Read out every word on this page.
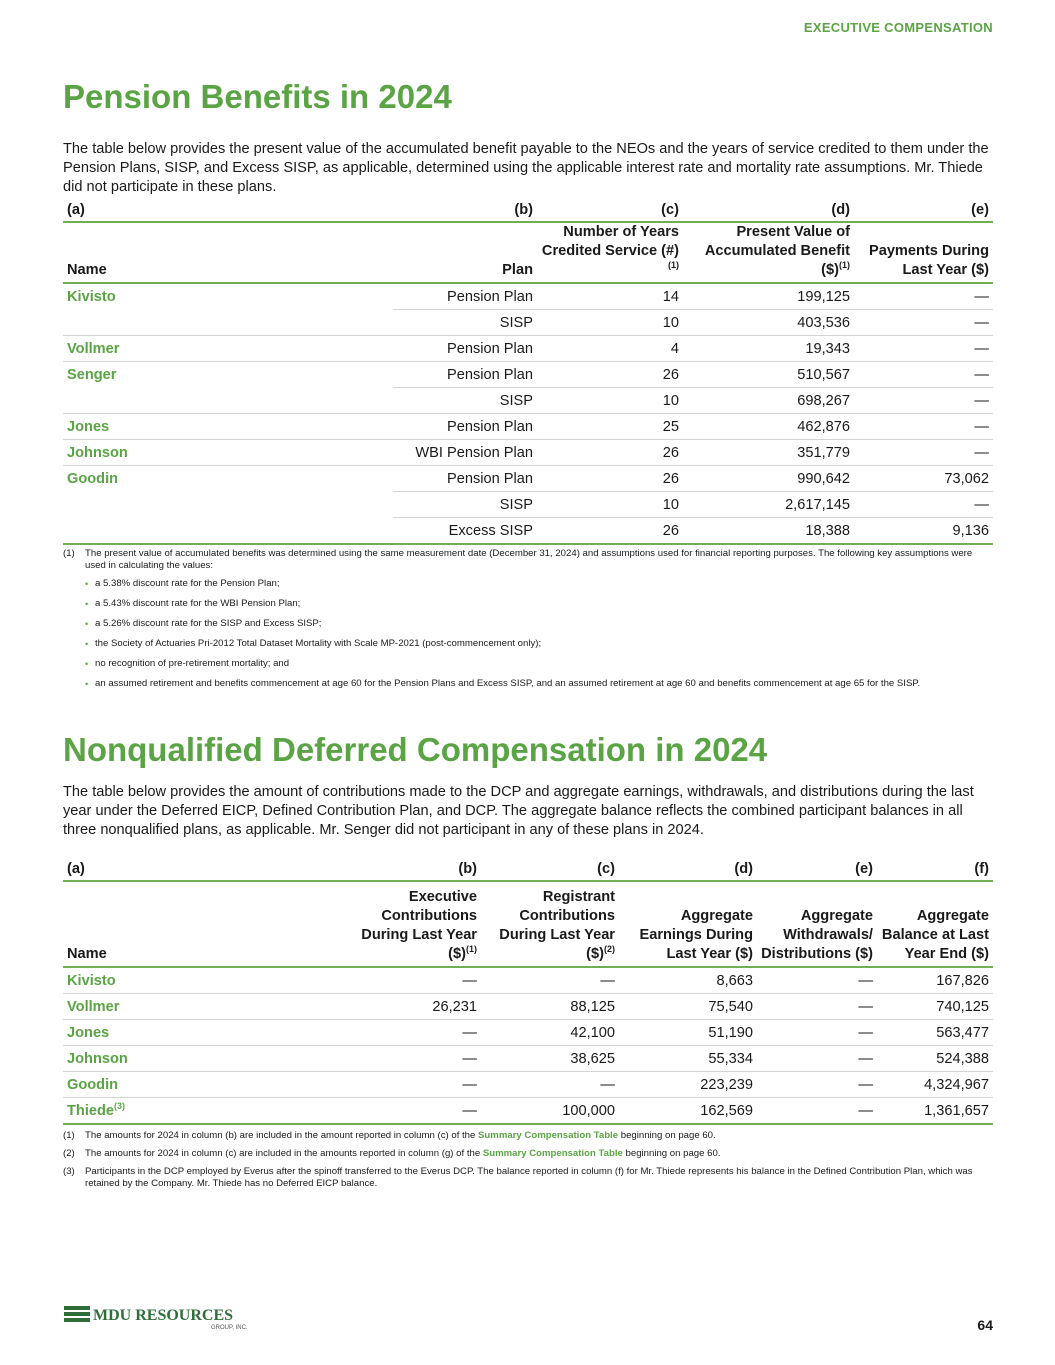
EXECUTIVE COMPENSATION
Pension Benefits in 2024

The table below provides the present value of the accumulated benefit payable to the NEOs and the years of service credited to them under the Pension Plans, SISP, and Excess SISP, as applicable, determined using the applicable interest rate and mortality rate assumptions. Mr. Thiede did not participate in these plans.

(a)	(b)	(c)	(d)	(e)
Name	Plan	Number of Years Credited Service (#)$^{(1)}$	Present Value of Accumulated Benefit ($)$^{(1)}$	Payments During Last Year ($)
Kivisto	Pension Plan	14	199,125	—
	SISP	10	403,536	—
Vollmer	Pension Plan	4	19,343	—
Senger	Pension Plan	26	510,567	—
	SISP	10	698,267	—
Jones	Pension Plan	25	462,876	—
Johnson	WBI Pension Plan	26	351,779	—
Goodin	Pension Plan	26	990,642	73,062
	SISP	10	2,617,145	—
	Excess SISP	26	18,388	9,136
(1)	The present value of accumulated benefits was determined using the same measurement date (December 31, 2024) and assumptions used for financial reporting purposes. The following key assumptions were used in calculating the values:
• a 5.38% discount rate for the Pension Plan;
• a 5.43% discount rate for the WBI Pension Plan;
• a 5.26% discount rate for the SISP and Excess SISP;
• the Society of Actuaries Pri-2012 Total Dataset Mortality with Scale MP-2021 (post-commencement only);
• no recognition of pre-retirement mortality; and
• an assumed retirement and benefits commencement at age 60 for the Pension Plans and Excess SISP, and an assumed retirement at age 60 and benefits commencement at age 65 for the SISP.
Nonqualified Deferred Compensation in 2024

The table below provides the amount of contributions made to the DCP and aggregate earnings, withdrawals, and distributions during the last year under the Deferred EICP, Defined Contribution Plan, and DCP. The aggregate balance reflects the combined participant balances in all three nonqualified plans, as applicable. Mr. Senger did not participant in any of these plans in 2024.

(a)	(b)	(c)	(d)	(e)	(f)
Name	Executive Contributions During Last Year ($)$^{(1)}$	Registrant Contributions During Last Year ($)$^{(2)}$	Aggregate Earnings During Last Year ($)	Aggregate Withdrawals/ Distributions ($)	Aggregate Balance at Last Year End ($)
Kivisto	—	—	8,663	—	167,826
Vollmer	26,231	88,125	75,540	—	740,125
Jones	—	42,100	51,190	—	563,477
Johnson	—	38,625	55,334	—	524,388
Goodin	—	—	223,239	—	4,324,967
Thiede$^{(3)}$	—	100,000	162,569	—	1,361,657
(1)	The amounts for 2024 in column (b) are included in the amount reported in column (c) of the Summary Compensation Table beginning on page 60.
(2)	The amounts for 2024 in column (c) are included in the amounts reported in column (g) of the Summary Compensation Table beginning on page 60.
(3)	Participants in the DCP employed by Everus after the spinoff transferred to the Everus DCP. The balance reported in column (f) for Mr. Thiede represents his balance in the Defined Contribution Plan, which was retained by the Company. Mr. Thiede has no Deferred EICP balance.
MDU RESOURCES
GROUP, INC.	64
